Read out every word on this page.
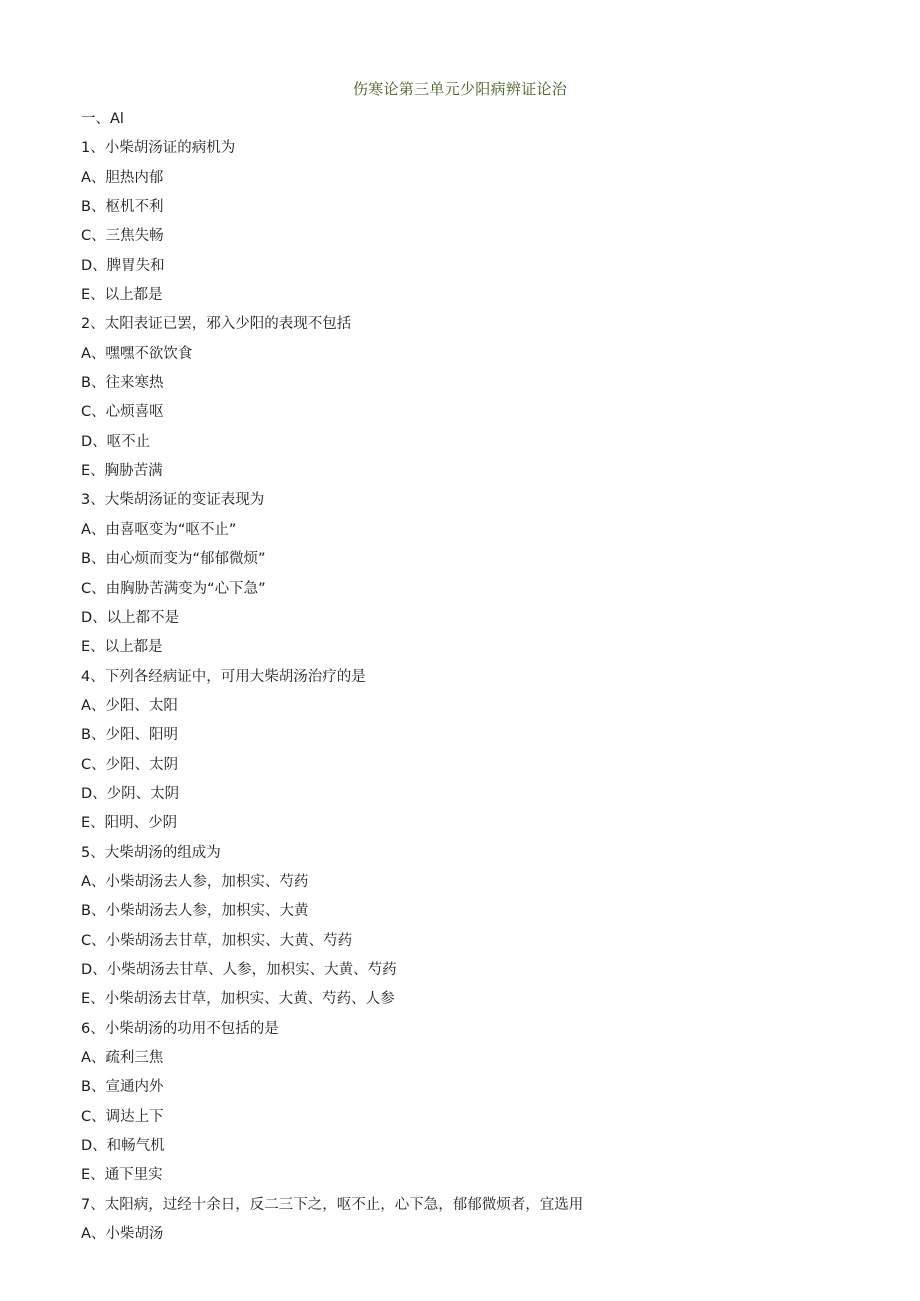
伤寒论第三单元少阳病辨证论治
一、Al
1、小柴胡汤证的病机为
A、胆热内郁
B、枢机不利
C、三焦失畅
D、脾胃失和
E、以上都是
2、太阳表证已罢，邪入少阳的表现不包括
A、嘿嘿不欲饮食
B、往来寒热
C、心烦喜呕
D、呕不止
E、胸胁苦满
3、大柴胡汤证的变证表现为
A、由喜呕变为“呕不止”
B、由心烦而变为“郁郁微烦”
C、由胸胁苦满变为“心下急”
D、以上都不是
E、以上都是
4、下列各经病证中，可用大柴胡汤治疗的是
A、少阳、太阳
B、少阳、阳明
C、少阳、太阴
D、少阴、太阴
E、阳明、少阴
5、大柴胡汤的组成为
A、小柴胡汤去人参，加枳实、芍药
B、小柴胡汤去人参，加枳实、大黄
C、小柴胡汤去甘草，加枳实、大黄、芍药
D、小柴胡汤去甘草、人参，加枳实、大黄、芍药
E、小柴胡汤去甘草，加枳实、大黄、芍药、人参
6、小柴胡汤的功用不包括的是
A、疏利三焦
B、宣通内外
C、调达上下
D、和畅气机
E、通下里实
7、太阳病，过经十余日，反二三下之，呕不止，心下急，郁郁微烦者，宜选用
A、小柴胡汤
